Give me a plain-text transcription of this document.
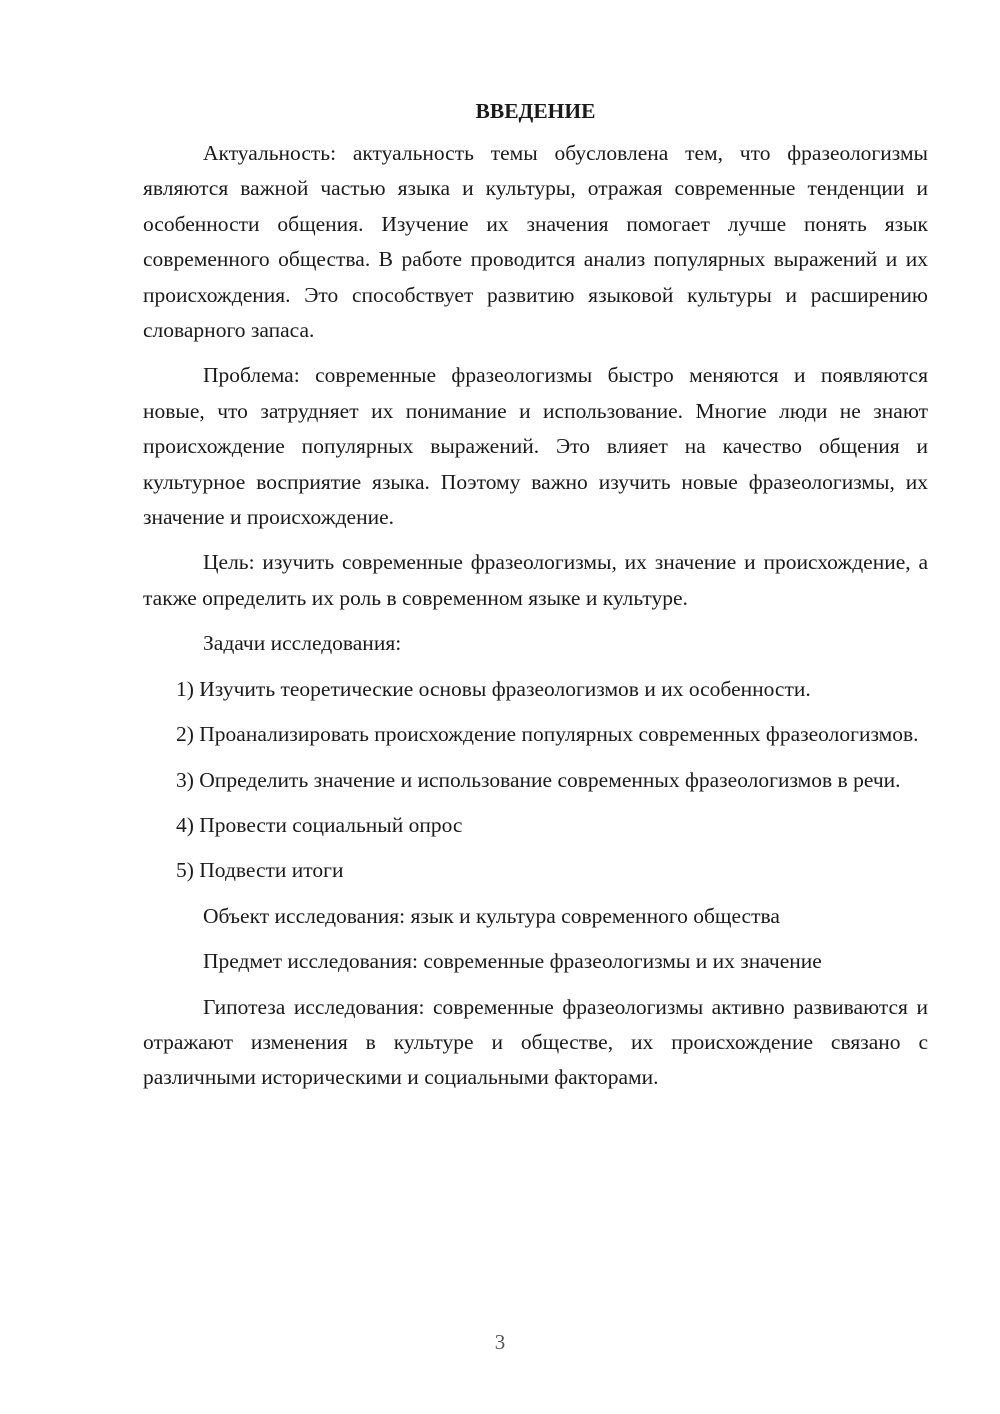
ВВЕДЕНИЕ

Актуальность: актуальность темы обусловлена тем, что фразеологизмы являются важной частью языка и культуры, отражая современные тенденции и особенности общения. Изучение их значения помогает лучше понять язык современного общества. В работе проводится анализ популярных выражений и их происхождения. Это способствует развитию языковой культуры и расширению словарного запаса.

Проблема: современные фразеологизмы быстро меняются и появляются новые, что затрудняет их понимание и использование. Многие люди не знают происхождение популярных выражений. Это влияет на качество общения и культурное восприятие языка. Поэтому важно изучить новые фразеологизмы, их значение и происхождение.

Цель: изучить современные фразеологизмы, их значение и происхождение, а также определить их роль в современном языке и культуре.

Задачи исследования:

1) Изучить теоретические основы фразеологизмов и их особенности.

2) Проанализировать происхождение популярных современных фразеологизмов.

3) Определить значение и использование современных фразеологизмов в речи.

4) Провести социальный опрос

5) Подвести итоги

Объект исследования: язык и культура современного общества

Предмет исследования: современные фразеологизмы и их значение

Гипотеза исследования: современные фразеологизмы активно развиваются и отражают изменения в культуре и обществе, их происхождение связано с различными историческими и социальными факторами.

3
